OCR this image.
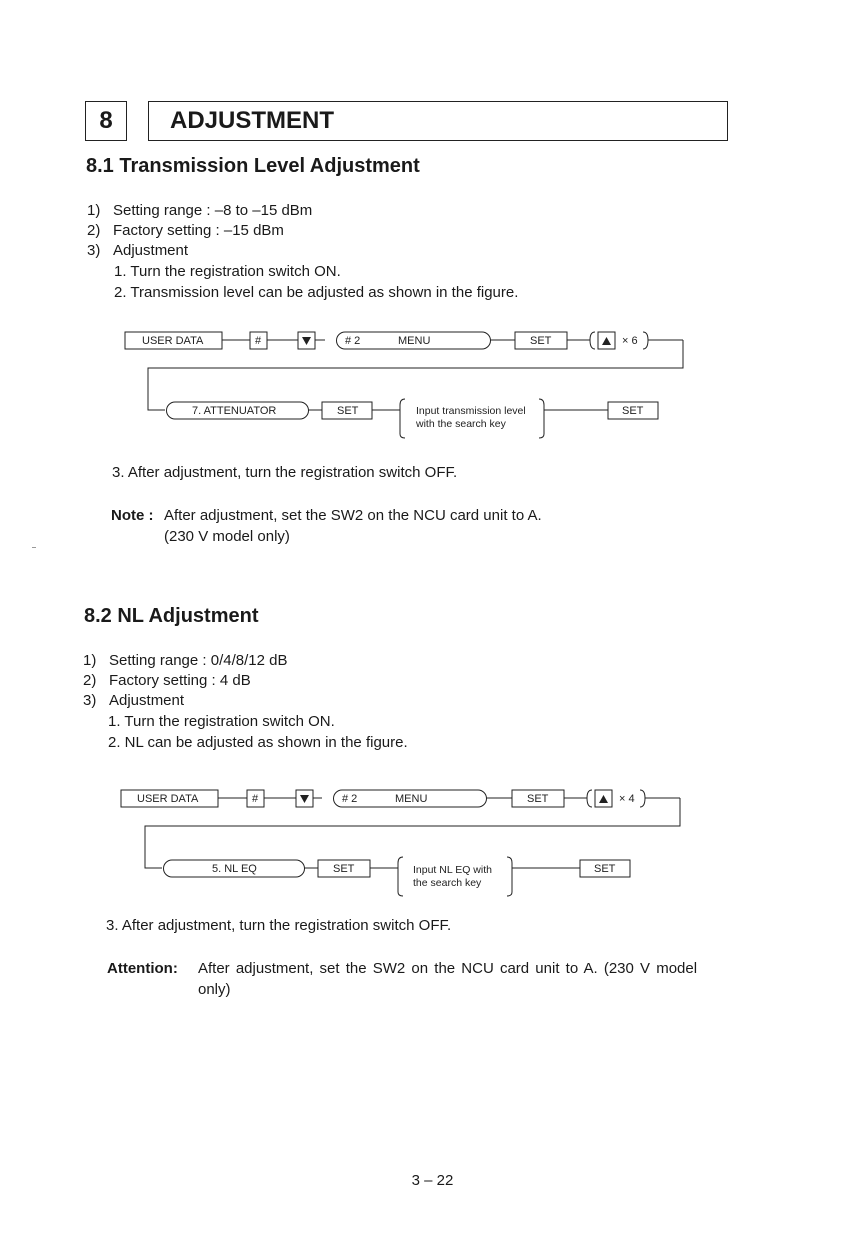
8	ADJUSTMENT
8.1 Transmission Level Adjustment
1) Setting range : –8 to –15 dBm
2) Factory setting : –15 dBm
3) Adjustment
1. Turn the registration switch ON.
2. Transmission level can be adjusted as shown in the figure.
USER DATA	#	# 2	MENU	SET	× 6
7. ATTENUATOR	SET	Input transmission level
with the search key
SET
3. After adjustment, turn the registration switch OFF.
Note : After adjustment, set the SW2 on the NCU card unit to A.
(230 V model only)
8.2 NL Adjustment
1) Setting range : 0/4/8/12 dB
2) Factory setting : 4 dB
3) Adjustment
1. Turn the registration switch ON.
2. NL can be adjusted as shown in the figure.
USER DATA	#	# 2	MENU	SET	× 4
5. NL EQ	SET	Input NL EQ with
the search key
SET
3. After adjustment, turn the registration switch OFF.
Attention: After adjustment, set the SW2 on the NCU card unit to A. (230 V model
only)
3 – 22
